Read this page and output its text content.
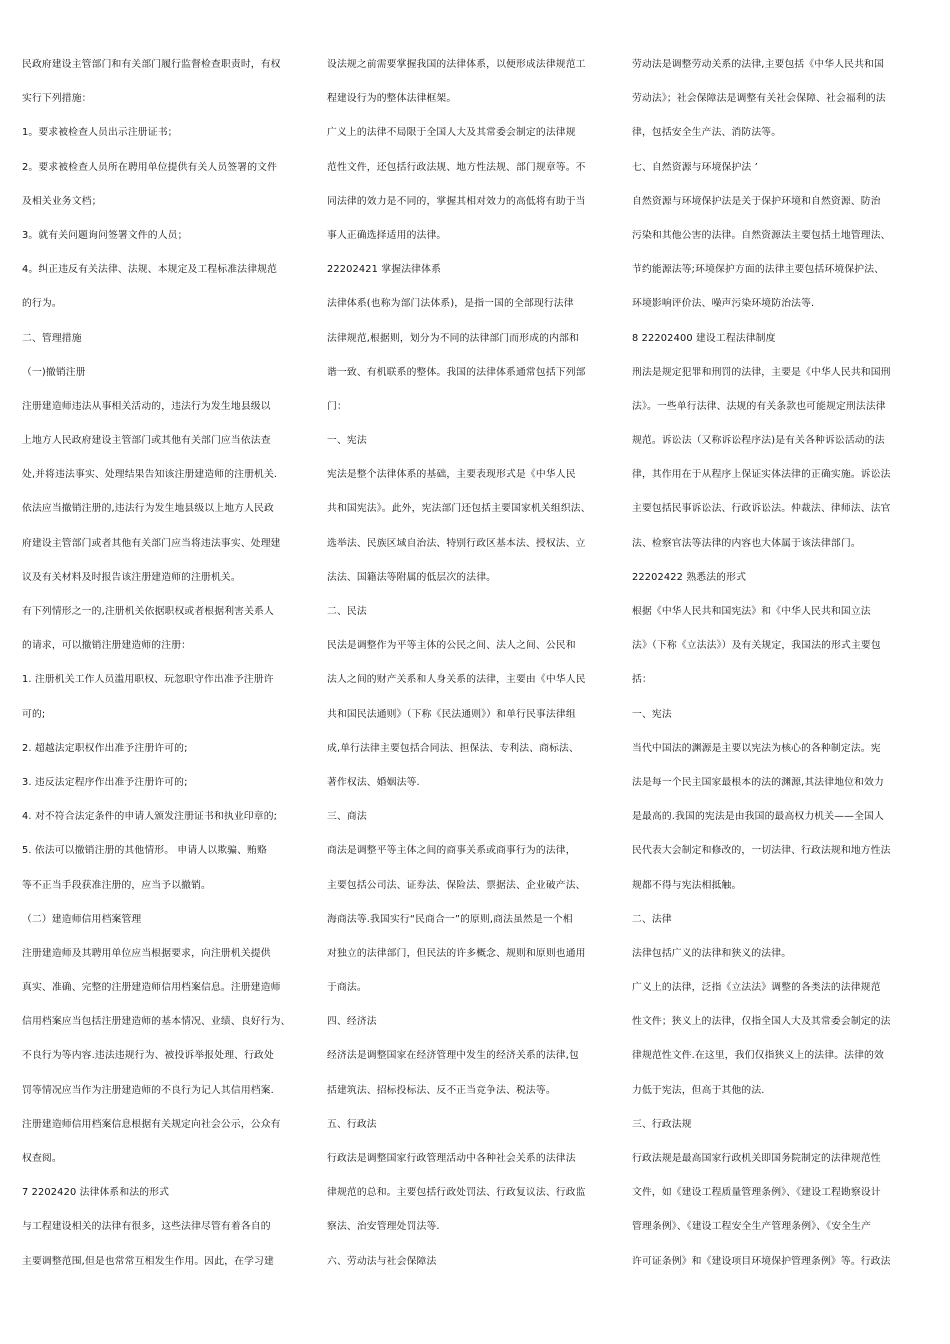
民政府建设主管部门和有关部门履行监督检查职责时，有权
实行下列措施：
1。要求被检查人员出示注册证书；
2。要求被检查人员所在聘用单位提供有关人员签署的文件
及相关业务文档；
3。就有关问题询问签署文件的人员；
4。纠正违反有关法律、法规、本规定及工程标准法律规范
的行为。
二、管理措施
（一)撤销注册
注册建造师违法从事相关活动的，违法行为发生地县级以
上地方人民政府建设主管部门或其他有关部门应当依法查
处,并将违法事实、处理结果告知该注册建造师的注册机关.
依法应当撤销注册的,违法行为发生地县级以上地方人民政
府建设主管部门或者其他有关部门应当将违法事实、处理建
议及有关材料及时报告该注册建造师的注册机关。
有下列情形之一的,注册机关依据职权或者根据利害关系人
的请求，可以撤销注册建造师的注册：
1. 注册机关工作人员滥用职权、玩忽职守作出准予注册许
可的;
2. 超越法定职权作出准予注册许可的;
3. 违反法定程序作出准予注册许可的;
4. 对不符合法定条件的申请人颁发注册证书和执业印章的;
5. 依法可以撤销注册的其他情形。 申请人以欺骗、贿赂
等不正当手段获准注册的，应当予以撤销。
（二）建造师信用档案管理
注册建造师及其聘用单位应当根据要求，向注册机关提供
真实、准确、完整的注册建造师信用档案信息。注册建造师
信用档案应当包括注册建造师的基本情况、业绩、良好行为、
不良行为等内容.违法违规行为、被投诉举报处理、行政处
罚等情况应当作为注册建造师的不良行为记人其信用档案.
注册建造师信用档案信息根据有关规定向社会公示，公众有
权查阅。
7 2202420 法律体系和法的形式
与工程建设相关的法律有很多，这些法律尽管有着各自的
主要调整范围,但是也常常互相发生作用。因此，在学习建
设法规之前需要掌握我国的法律体系，以便形成法律规范工
程建设行为的整体法律框架。
广义上的法律不局限于全国人大及其常委会制定的法律规
范性文件，还包括行政法规、地方性法规、部门规章等。不
同法律的效力是不同的，掌握其相对效力的高低将有助于当
事人正确选择适用的法律。
22202421 掌握法律体系
法律体系(也称为部门法体系)，是指一国的全部现行法律
法律规范,根据则，划分为不同的法律部门而形成的内部和
谐一致、有机联系的整体。我国的法律体系通常包括下列部
门：
一、宪法
宪法是整个法律体系的基础，主要表现形式是《中华人民
共和国宪法》。此外，宪法部门还包括主要国家机关组织法、
选举法、民族区域自治法、特别行政区基本法、授权法、立
法法、国籍法等附属的低层次的法律。
二、民法
民法是调整作为平等主体的公民之间、法人之间、公民和
法人之间的财产关系和人身关系的法律，主要由《中华人民
共和国民法通则》（下称《民法通则》）和单行民事法律组
成,单行法律主要包括合同法、担保法、专利法、商标法、
著作权法、婚姻法等.
三、商法
商法是调整平等主体之间的商事关系或商事行为的法律，
主要包括公司法、证券法、保险法、票据法、企业破产法、
海商法等.我国实行“民商合一”的原则,商法虽然是一个相
对独立的法律部门，但民法的许多概念、规则和原则也通用
于商法。
四、经济法
经济法是调整国家在经济管理中发生的经济关系的法律,包
括建筑法、招标投标法、反不正当竞争法、税法等。
五、行政法
行政法是调整国家行政管理活动中各种社会关系的法律法
律规范的总和。主要包括行政处罚法、行政复议法、行政监
察法、治安管理处罚法等.
六、劳动法与社会保障法
劳动法是调整劳动关系的法律,主要包括《中华人民共和国
劳动法》；社会保障法是调整有关社会保障、社会福利的法
律，包括安全生产法、消防法等。
七、自然资源与环境保护法 ’
自然资源与环境保护法是关于保护环境和自然资源、防治
污染和其他公害的法律。自然资源法主要包括土地管理法、
节约能源法等;环境保护方面的法律主要包括环境保护法、
环境影响评价法、噪声污染环境防治法等.
8 22202400 建设工程法律制度
刑法是规定犯罪和刑罚的法律，主要是《中华人民共和国刑
法》。一些单行法律、法规的有关条款也可能规定刑法法律
规范。诉讼法（又称诉讼程序法)是有关各种诉讼活动的法
律，其作用在于从程序上保证实体法律的正确实施。诉讼法
主要包括民事诉讼法、行政诉讼法。仲裁法、律师法、法官
法、检察官法等法律的内容也大体属于该法律部门。
22202422 熟悉法的形式
根据《中华人民共和国宪法》和《中华人民共和国立法
法》（下称《立法法》）及有关规定，我国法的形式主要包
括：
一、宪法
当代中国法的渊源是主要以宪法为核心的各种制定法。宪
法是每一个民主国家最根本的法的渊源,其法律地位和效力
是最高的.我国的宪法是由我国的最高权力机关——全国人
民代表大会制定和修改的，一切法律、行政法规和地方性法
规都不得与宪法相抵触。
二、法律
法律包括广义的法律和狭义的法律。
广义上的法律，泛指《立法法》调整的各类法的法律规范
性文件；狭义上的法律，仅指全国人大及其常委会制定的法
律规范性文件.在这里，我们仅指狭义上的法律。法律的效
力低于宪法，但高于其他的法.
三、行政法规
行政法规是最高国家行政机关即国务院制定的法律规范性
文件，如《建设工程质量管理条例》、《建设工程勘察设计
管理条例》、《建设工程安全生产管理条例》、《安全生产
许可证条例》和《建设项目环境保护管理条例》等。行政法
